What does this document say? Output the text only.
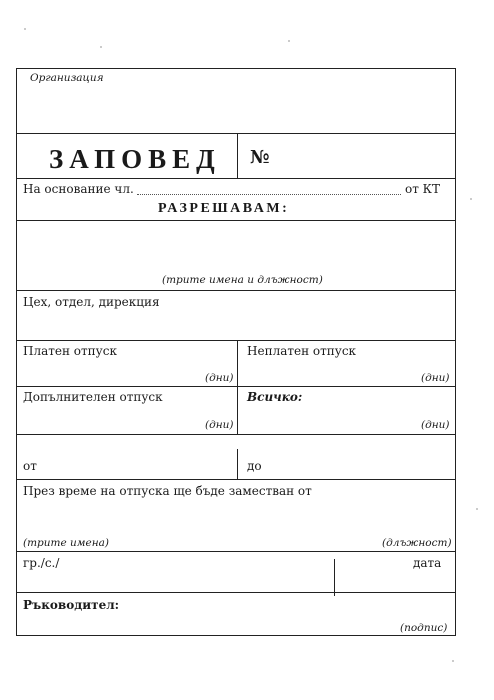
Организация
ЗАПОВЕД №
На основание чл.	от КТ
РАЗРЕШАВАМ:
(трите имена и длъжност)
Цех, отдел, дирекция
Платен отпуск
(дни)
Неплатен отпуск
(дни)
Допълнителен отпуск
(дни)
Всичко:
(дни)
от	до
През време на отпуска ще бъде заместван от
(трите имена)	(длъжност)
гр./с./	дата
Ръководител:
(подпис)
